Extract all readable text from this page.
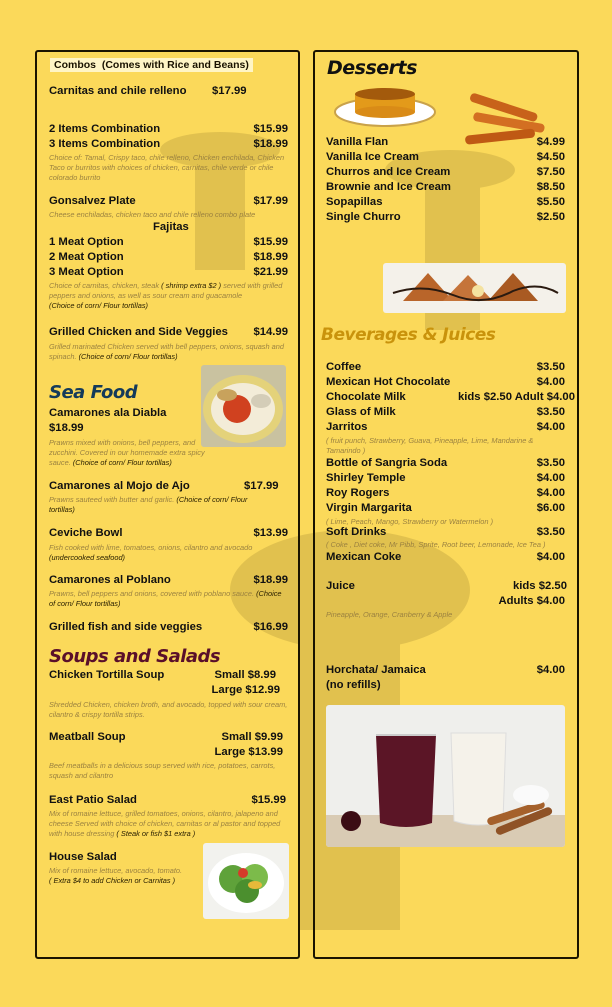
Combos (Comes with Rice and Beans)
Carnitas and chile relleno $17.99
2 Items Combination	$15.99
3 Items Combination	$18.99
Choice of: Tamal, Crispy taco, chile relleno, Chicken enchilada, Chicken Taco or burritos with choices of chicken, carnitas, chile verde or chile colorado burrito
Gonsalvez Plate	$17.99
Cheese enchiladas, chicken taco and chile relleno combo plate
Fajitas
1 Meat Option	$15.99
2 Meat Option	$18.99
3 Meat Option	$21.99
Choice of carnitas, chicken, steak ( shrimp extra $2 ) served with grilled peppers and onions, as well as sour cream and guacamole
(Choice of corn/ Flour tortillas)
Grilled Chicken and Side Veggies $14.99
Grilled marinated Chicken served with bell peppers, onions, squash and spinach. (Choice of corn/ Flour tortillas)
Sea Food
Camarones ala Diabla
$18.99
Prawns mixed with onions, bell peppers, and zucchini. Covered in our homemade extra spicy sauce. (Choice of corn/ Flour tortillas)
Camarones al Mojo de Ajo	$17.99
Prawns sauteed with butter and garlic. (Choice of corn/ Flour tortillas)
Ceviche Bowl	$13.99
Fish cooked with lime, tomatoes, onions, cilantro and avocado
(undercooked seafood)
Camarones al Poblano	$18.99
Prawns, bell peppers and onions, covered with poblano sauce. (Choice of corn/ Flour tortillas)
Grilled fish and side veggies	$16.99
Soups and Salads
Chicken Tortilla Soup	Small $8.99
Large $12.99
Shredded Chicken, chicken broth, and avocado, topped with sour cream, cilantro & crispy tortilla strips.
Meatball Soup	Small $9.99
Large $13.99
Beef meatballs in a delicious soup served with rice, potatoes, carrots, squash and cilantro
East Patio Salad	$15.99
Mix of romaine lettuce, grilled tomatoes, onions, cilantro, jalapeno and cheese Served with choice of chicken, carnitas or al pastor and topped with house dressing ( Steak or fish $1 extra )
House Salad
Mix of romaine lettuce, avocado, tomato.
( Extra $4 to add Chicken or Carnitas )
Desserts
Vanilla Flan	$4.99
Vanilla Ice Cream	$4.50
Churros and Ice Cream	$7.50
Brownie and Ice Cream	$8.50
Sopapillas	$5.50
Single Churro	$2.50
Beverages & Juices
Coffee	$3.50
Mexican Hot Chocolate	$4.00
Chocolate Milk	kids $2.50 Adult $4.00
Glass of Milk	$3.50
Jarritos	$4.00
( fruit punch, Strawberry, Guava, Pineapple, Lime, Mandarine & Tamarindo )
Bottle of Sangria Soda	$3.50
Shirley Temple	$4.00
Roy Rogers	$4.00
Virgin Margarita	$6.00
( Lime, Peach, Mango, Strawberry or Watermelon )
Soft Drinks	$3.50
( Coke , Diet coke, Mr Pibb, Sprite, Root beer, Lemonade, Ice Tea )
Mexican Coke	$4.00
Juice	kids $2.50
Adults $4.00
Pineapple, Orange, Cranberry & Apple
Horchata/ Jamaica	$4.00
(no refills)
